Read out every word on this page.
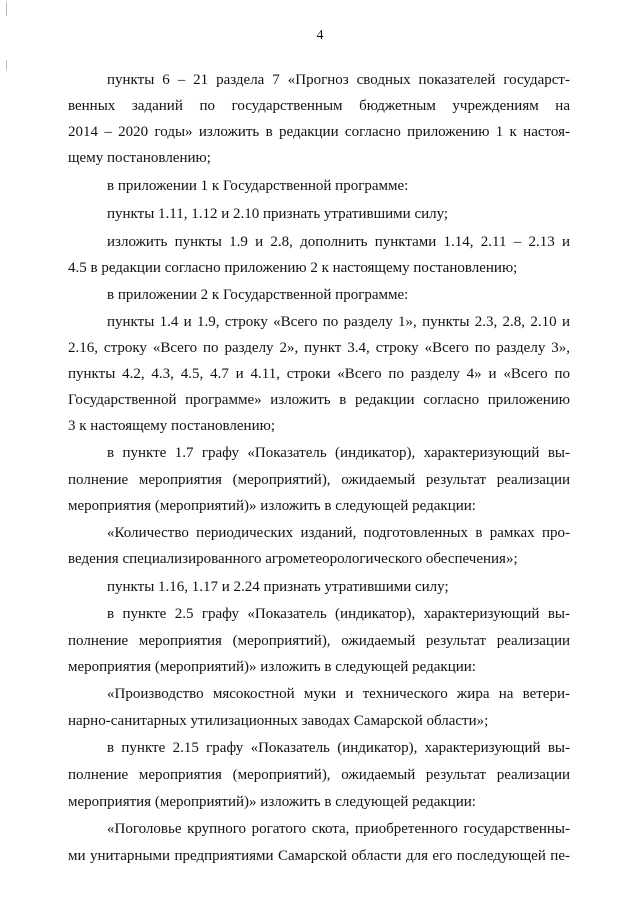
4
пункты 6 – 21 раздела 7 «Прогноз сводных показателей государст-
венных заданий по государственным бюджетным учреждениям на
2014 – 2020 годы» изложить в редакции согласно приложению 1 к настоя-
щему постановлению;
в приложении 1 к Государственной программе:
пункты 1.11, 1.12 и 2.10 признать утратившими силу;
изложить пункты 1.9 и 2.8, дополнить пунктами 1.14, 2.11 – 2.13 и
4.5 в редакции согласно приложению 2 к настоящему постановлению;
в приложении 2 к Государственной программе:
пункты 1.4 и 1.9, строку «Всего по разделу 1», пункты 2.3, 2.8, 2.10 и
2.16, строку «Всего по разделу 2», пункт 3.4, строку «Всего по разделу 3»,
пункты 4.2, 4.3, 4.5, 4.7 и 4.11, строки «Всего по разделу 4» и «Всего по
Государственной программе» изложить в редакции согласно приложению
3 к настоящему постановлению;
в пункте 1.7 графу «Показатель (индикатор), характеризующий вы-
полнение мероприятия (мероприятий), ожидаемый результат реализации
мероприятия (мероприятий)» изложить в следующей редакции:
«Количество периодических изданий, подготовленных в рамках про-
ведения специализированного агрометеорологического обеспечения»;
пункты 1.16, 1.17 и 2.24 признать утратившими силу;
в пункте 2.5 графу «Показатель (индикатор), характеризующий вы-
полнение мероприятия (мероприятий), ожидаемый результат реализации
мероприятия (мероприятий)» изложить в следующей редакции:
«Производство мясокостной муки и технического жира на ветери-
нарно-санитарных утилизационных заводах Самарской области»;
в пункте 2.15 графу «Показатель (индикатор), характеризующий вы-
полнение мероприятия (мероприятий), ожидаемый результат реализации
мероприятия (мероприятий)» изложить в следующей редакции:
«Поголовье крупного рогатого скота, приобретенного государственны-
ми унитарными предприятиями Самарской области для его последующей пе-
